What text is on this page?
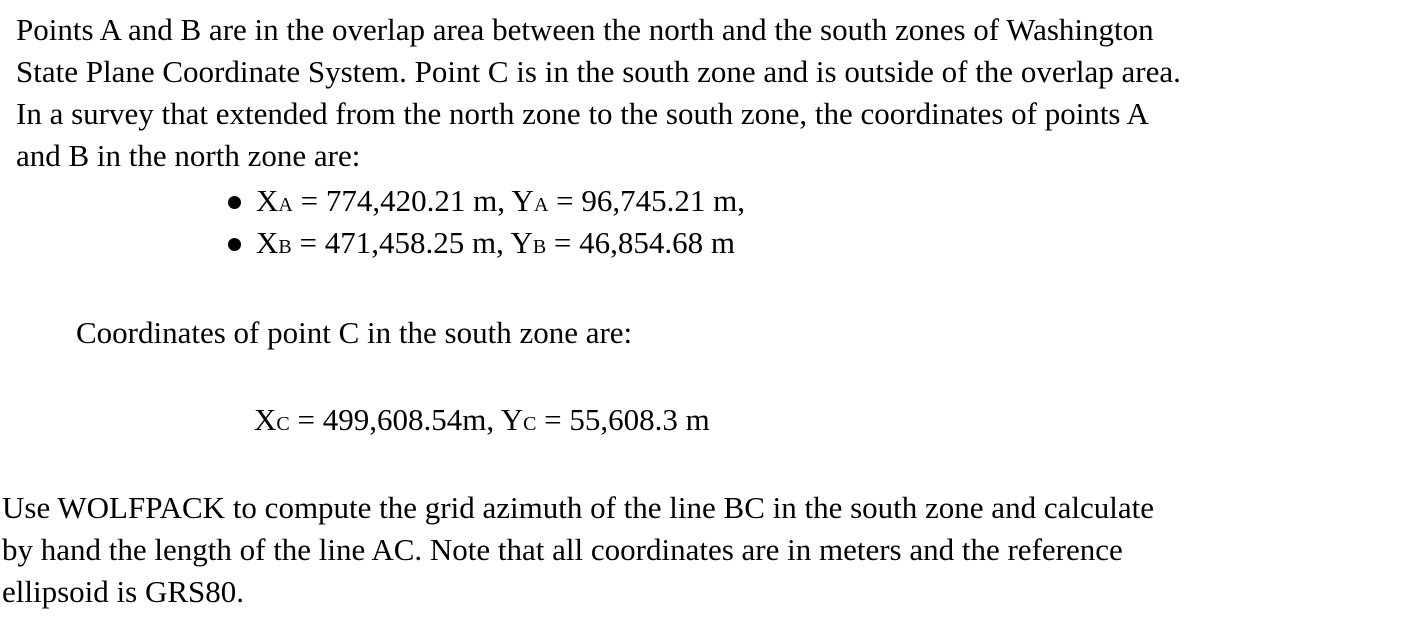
Points A and B are in the overlap area between the north and the south zones of Washington
State Plane Coordinate System. Point C is in the south zone and is outside of the overlap area.
In a survey that extended from the north zone to the south zone, the coordinates of points A
and B in the north zone are:
XA = 774,420.21 m, YA = 96,745.21 m,
XB = 471,458.25 m, YB = 46,854.68 m
Coordinates of point C in the south zone are:
XC = 499,608.54m, YC = 55,608.3 m
Use WOLFPACK to compute the grid azimuth of the line BC in the south zone and calculate
by hand the length of the line AC. Note that all coordinates are in meters and the reference
ellipsoid is GRS80.
